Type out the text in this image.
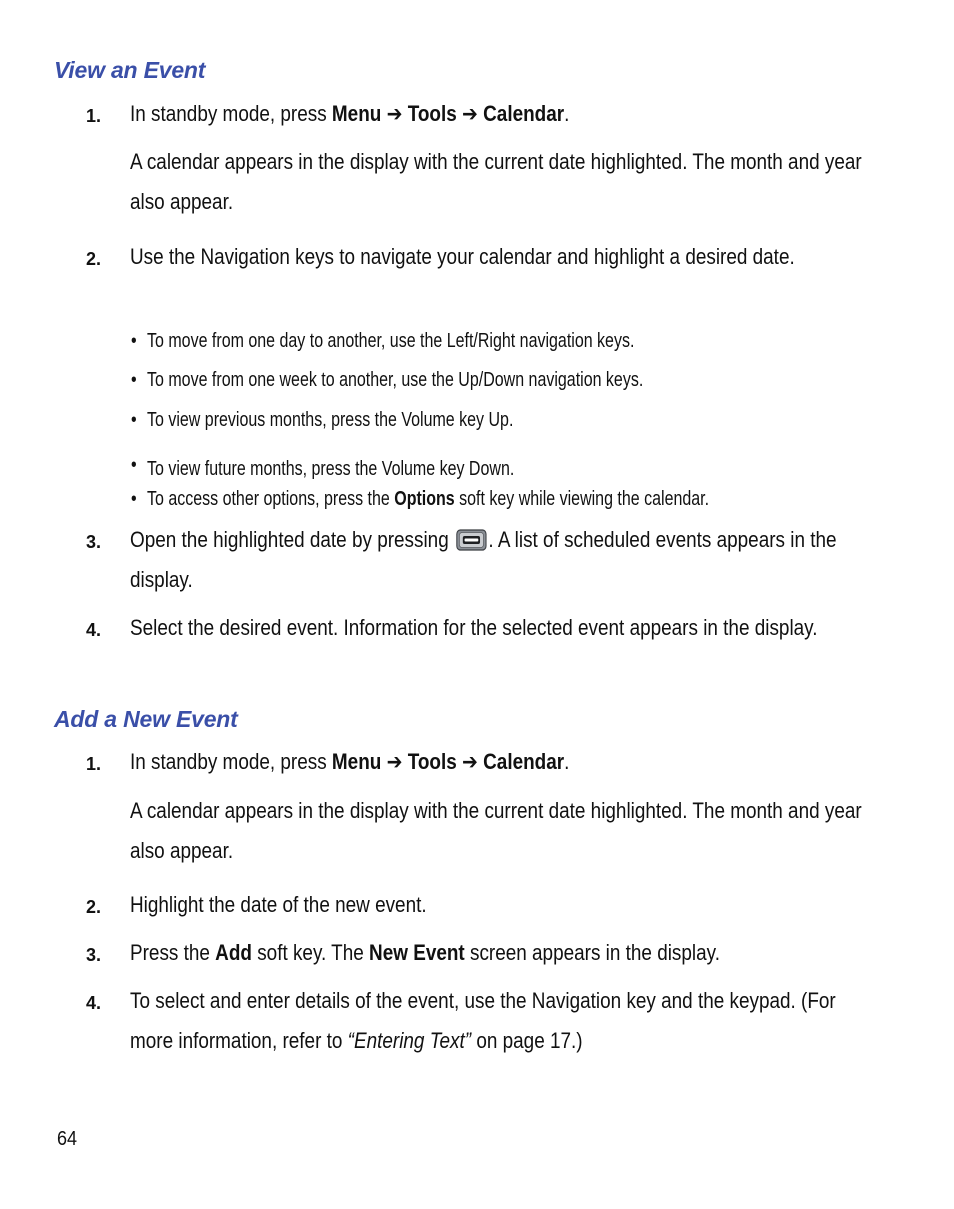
View an Event
1. In standby mode, press Menu ➔ Tools ➔ Calendar.
A calendar appears in the display with the current date highlighted. The month and year also appear.
2. Use the Navigation keys to navigate your calendar and highlight a desired date.
• To move from one day to another, use the Left/Right navigation keys.
• To move from one week to another, use the Up/Down navigation keys.
• To view previous months, press the Volume key Up.
• To view future months, press the Volume key Down.
• To access other options, press the Options soft key while viewing the calendar.
3. Open the highlighted date by pressing . A list of scheduled events appears in the display.
4. Select the desired event. Information for the selected event appears in the display.
Add a New Event
1. In standby mode, press Menu ➔ Tools ➔ Calendar.
A calendar appears in the display with the current date highlighted. The month and year also appear.
2. Highlight the date of the new event.
3. Press the Add soft key. The New Event screen appears in the display.
4. To select and enter details of the event, use the Navigation key and the keypad. (For more information, refer to “Entering Text” on page 17.)
64
